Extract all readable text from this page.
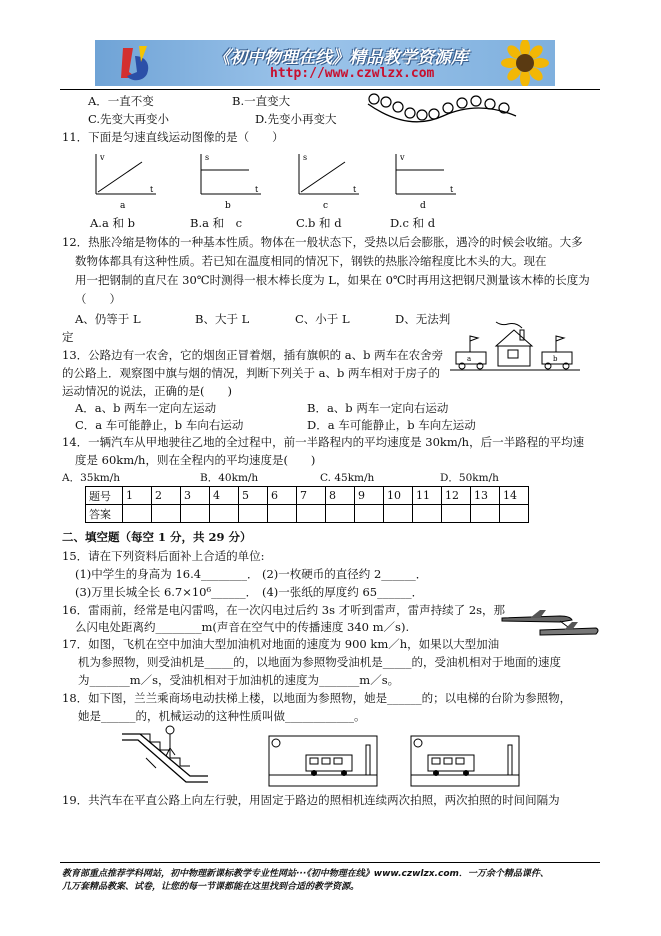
《初中物理在线》精品教学资源库
http://www.czwlzx.com
A．一直不变	B.一直变大
C.先变大再变小	D.先变小再变大
11．下面是匀速直线运动图像的是（　　）
v
t
a
s
t
b
s
t
c
v
t
d
A.a 和 b	B.a 和　c	C.b 和 d	D.c 和 d
12．热胀冷缩是物体的一种基本性质。物体在一般状态下，受热以后会膨胀，遇冷的时候会收缩。大多
数物体都具有这种性质。若已知在温度相同的情况下，钢铁的热胀冷缩程度比木头的大。现在
用一把钢制的直尺在 30℃时测得一根木棒长度为 L，如果在 0℃时再用这把钢尺测量该木棒的长度为
（　　）
A、仍等于 L	B、大于 L	C、小于 L	D、无法判
定
13．公路边有一农舍，它的烟囱正冒着烟，插有旗帜的 a、b 两车在农舍旁
的公路上．观察图中旗与烟的情况，判断下列关于 a、b 两车相对于房子的
运动情况的说法，正确的是(　　)
A．a、b 两车一定向左运动	B．a、b 两车一定向右运动
C．a 车可能静止，b 车向右运动	D．a 车可能静止，b 车向左运动
a	b
14．一辆汽车从甲地驶往乙地的全过程中，前一半路程内的平均速度是 30km/h，后一半路程的平均速
度是 60km/h，则在全程内的平均速度是(　　)
A．35km/h	B．40km/h	C. 45km/h	D．50km/h
题号	1	2	3	4	5	6	7	8	9	10	11	12	13	14
答案														
二、填空题（每空 1 分，共 29 分）
15．请在下列资料后面补上合适的单位:
(1)中学生的身高为 16.4________． (2)一枚硬币的直径约 2______．
(3)万里长城全长 6.7×10⁶______． (4)一张纸的厚度约 65______．
16．雷雨前，经常是电闪雷鸣，在一次闪电过后约 3s 才听到雷声，雷声持续了 2s，那
么闪电处距离约________m(声音在空气中的传播速度 340 m／s).
17．如图，飞机在空中加油大型加油机对地面的速度为 900 km／h，如果以大型加油
机为参照物，则受油机是_____的，以地面为参照物受油机是_____的，受油机相对于地面的速度
为_______m／s，受油机相对于加油机的速度为_______m／s。
18．如下图，兰兰乘商场电动扶梯上楼，以地面为参照物，她是______的；以电梯的台阶为参照物，
她是______的，机械运动的这种性质叫做____________。
19．共汽车在平直公路上向左行驶，用固定于路边的照相机连续两次拍照，两次拍照的时间间隔为
教育部重点推荐学科网站，初中物理新课标教学专业性网站···《初中物理在线》www.czwlzx.com．一万余个精品课件、
几万套精品教案、试卷，让您的每一节课都能在这里找到合适的教学资源。
